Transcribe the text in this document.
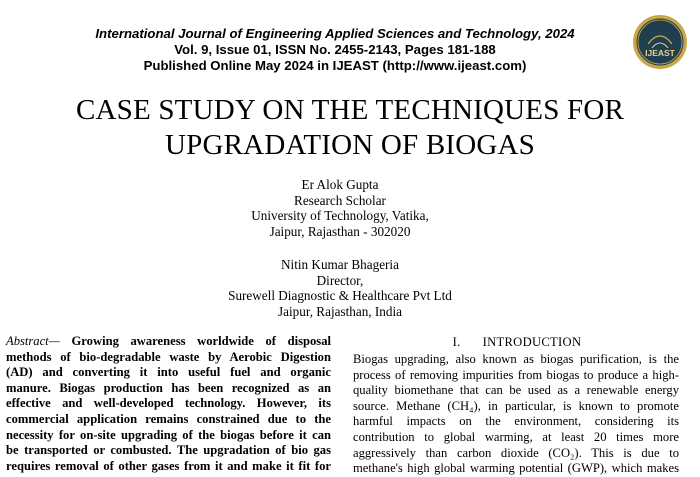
International Journal of Engineering Applied Sciences and Technology, 2024
Vol. 9, Issue 01, ISSN No. 2455-2143, Pages 181-188
Published Online May 2024 in IJEAST (http://www.ijeast.com)
IJEAST
CASE STUDY ON THE TECHNIQUES FOR
UPGRADATION OF BIOGAS
Er Alok Gupta
Research Scholar
University of Technology, Vatika,
Jaipur, Rajasthan - 302020
Nitin Kumar Bhageria
Director,
Surewell Diagnostic & Healthcare Pvt Ltd
Jaipur, Rajasthan, India
Abstract— Growing awareness worldwide of disposal
methods of bio-degradable waste by Aerobic Digestion
(AD) and converting it into useful fuel and organic
manure. Biogas production has been recognized as an
effective and well-developed technology. However, its
commercial application remains constrained due to the
necessity for on-site upgrading of the biogas before it can
be transported or combusted. The upgradation of bio gas
requires removal of other gases from it and make it fit for
I. INTRODUCTION
Biogas upgrading, also known as biogas purification, is the
process of removing impurities from biogas to produce a high-
quality biomethane that can be used as a renewable energy
source. Methane (CH₄), in particular, is known to promote
harmful impacts on the environment, considering its
contribution to global warming, at least 20 times more
aggressively than carbon dioxide (CO₂). This is due to
methane's high global warming potential (GWP), which makes
